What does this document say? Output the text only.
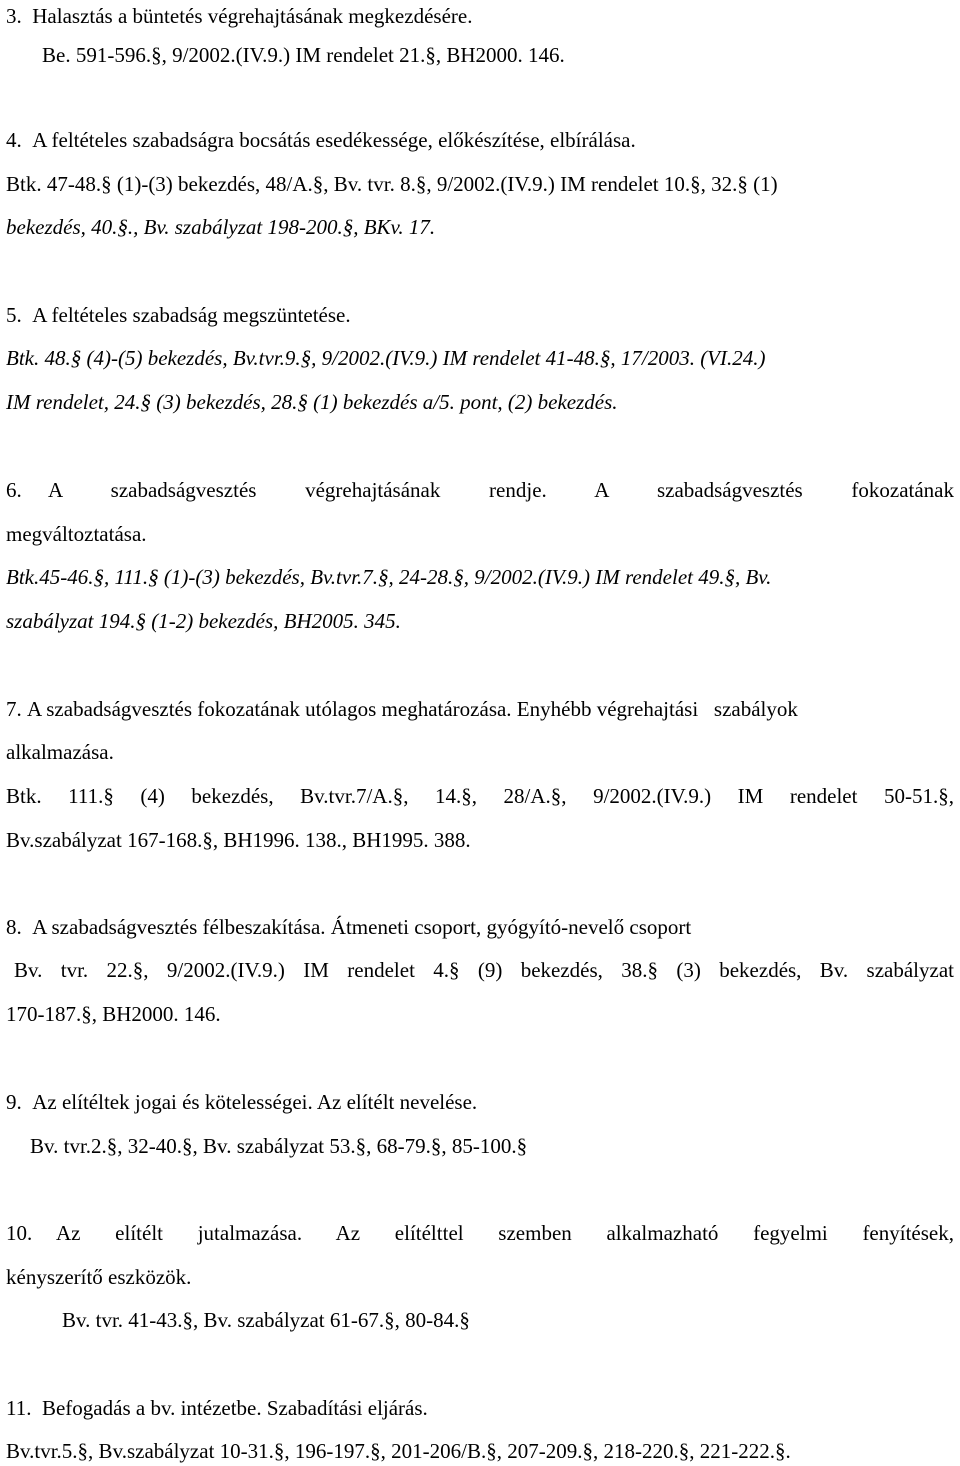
3. Halasztás a büntetés végrehajtásának megkezdésére.
Be. 591-596.§, 9/2002.(IV.9.) IM rendelet 21.§, BH2000. 146.
4. A feltételes szabadságra bocsátás esedékessége, előkészítése, elbírálása.
Btk. 47-48.§ (1)-(3) bekezdés, 48/A.§, Bv. tvr. 8.§, 9/2002.(IV.9.) IM rendelet 10.§, 32.§ (1)
bekezdés, 40.§., Bv. szabályzat 198-200.§, BKv. 17.
5. A feltételes szabadság megszüntetése.
Btk. 48.§ (4)-(5) bekezdés, Bv.tvr.9.§, 9/2002.(IV.9.) IM rendelet 41-48.§, 17/2003. (VI.24.)
IM rendelet, 24.§ (3) bekezdés, 28.§ (1) bekezdés a/5. pont, (2) bekezdés.
6. A szabadságvesztés végrehajtásának rendje. A szabadságvesztés fokozatának
megváltoztatása.
Btk.45-46.§, 111.§ (1)-(3) bekezdés, Bv.tvr.7.§, 24-28.§, 9/2002.(IV.9.) IM rendelet 49.§, Bv.
szabályzat 194.§ (1-2) bekezdés, BH2005. 345.
7. A szabadságvesztés fokozatának utólagos meghatározása. Enyhébb végrehajtási   szabályok
alkalmazása.
Btk. 111.§ (4) bekezdés, Bv.tvr.7/A.§, 14.§, 28/A.§, 9/2002.(IV.9.) IM rendelet 50-51.§,
Bv.szabályzat 167-168.§, BH1996. 138., BH1995. 388.
8. A szabadságvesztés félbeszakítása. Átmeneti csoport, gyógyító-nevelő csoport
Bv. tvr. 22.§, 9/2002.(IV.9.) IM rendelet 4.§ (9) bekezdés, 38.§ (3) bekezdés, Bv. szabályzat
170-187.§, BH2000. 146.
9. Az elítéltek jogai és kötelességei. Az elítélt nevelése.
Bv. tvr.2.§, 32-40.§, Bv. szabályzat 53.§, 68-79.§, 85-100.§
10. Az elítélt jutalmazása. Az elítélttel szemben alkalmazható fegyelmi fenyítések,
kényszerítő eszközök.
Bv. tvr. 41-43.§, Bv. szabályzat 61-67.§, 80-84.§
11. Befogadás a bv. intézetbe. Szabadítási eljárás.
Bv.tvr.5.§, Bv.szabályzat 10-31.§, 196-197.§, 201-206/B.§, 207-209.§, 218-220.§, 221-222.§.
